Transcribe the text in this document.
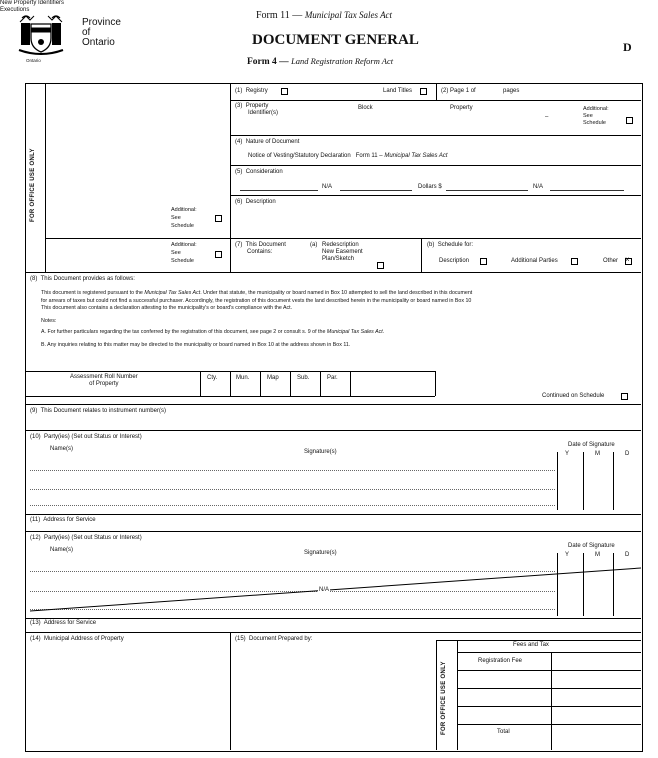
Ontario
Province
of
Ontario
Form 11 — Municipal Tax Sales Act
DOCUMENT GENERAL
Form 4 — Land Registration Reform Act
D
FOR OFFICE USE ONLY
New Property Identifiers
Additional:
See
Schedule
Executions
Additional:
See
Schedule
(1) Registry	Land Titles	(2) Page 1 of	pages
(3) Property
Identifier(s)
Block	Property
–
Additional:
See
Schedule
(4) Nature of Document
Notice of Vesting/Statutory Declaration Form 11 – Municipal Tax Sales Act
(5) Consideration
N/A	Dollars $	N/A
(6) Description
(7) This Document
Contains:
(a) Redescription
New Easement
Plan/Sketch
(b) Schedule for:
Description	Additional Parties	Other
×
(8) This Document provides as follows:
This document is registered pursuant to the Municipal Tax Sales Act. Under that statute, the municipality or board named in Box 10 attempted to sell the land described in this document
for arrears of taxes but could not find a successful purchaser. Accordingly, the registration of this document vests the land described herein in the municipality or board named in Box 10
This document also contains a declaration attesting to the municipality's or board's compliance with the Act.
Notes:
A. For further particulars regarding the tax conferred by the registration of this document, see page 2 or consult s. 9 of the Municipal Tax Sales Act.
B. Any inquiries relating to this matter may be directed to the municipality or board named in Box 10 at the address shown in Box 11.
Assessment Roll Number
of Property
Cty.	Mun.	Map	Sub.	Par.
Continued on Schedule
(9) This Document relates to instrument number(s)
(10) Party(ies) (Set out Status or Interest)
Name(s)	Signature(s)
Date of Signature
Y	M	D
(11) Address for Service
(12) Party(ies) (Set out Status or Interest)
Name(s)	Signature(s)
Date of Signature
Y	M	D
N/A
(13) Address for Service
(14) Municipal Address of Property	(15) Document Prepared by:
FOR OFFICE USE ONLY
Fees and Tax
Registration Fee
Total
